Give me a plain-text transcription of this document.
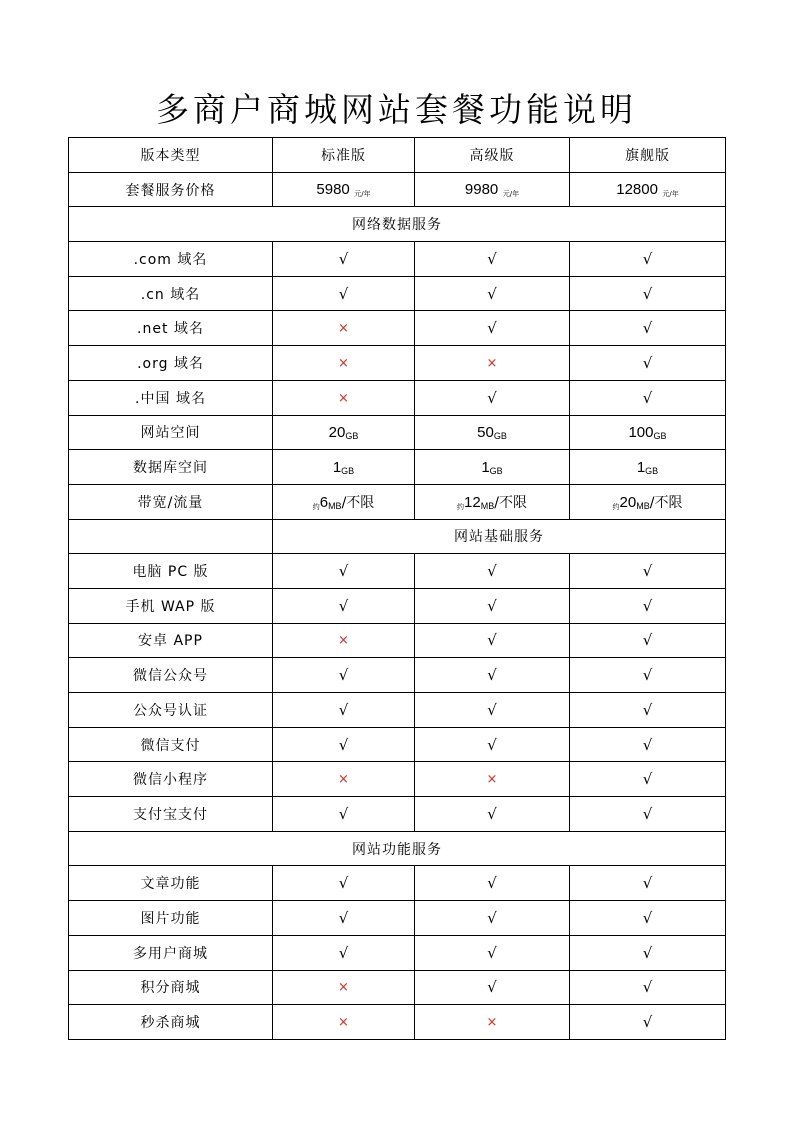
多商户商城网站套餐功能说明
版本类型	标准版	高级版	旗舰版
套餐服务价格	5980 元/年	9980 元/年	12800 元/年
网络数据服务			
.com 域名	√	√	√
.cn 域名	√	√	√
.net 域名	×	√	√
.org 域名	×	×	√
.中国 域名	×	√	√
网站空间	20GB	50GB	100GB
数据库空间	1GB	1GB	1GB
带宽/流量	约6MB/不限	约12MB/不限	约20MB/不限
	网站基础服务		
电脑 PC 版	√	√	√
手机 WAP 版	√	√	√
安卓 APP	×	√	√
微信公众号	√	√	√
公众号认证	√	√	√
微信支付	√	√	√
微信小程序	×	×	√
支付宝支付	√	√	√
网站功能服务			
文章功能	√	√	√
图片功能	√	√	√
多用户商城	√	√	√
积分商城	×	√	√
秒杀商城	×	×	√
